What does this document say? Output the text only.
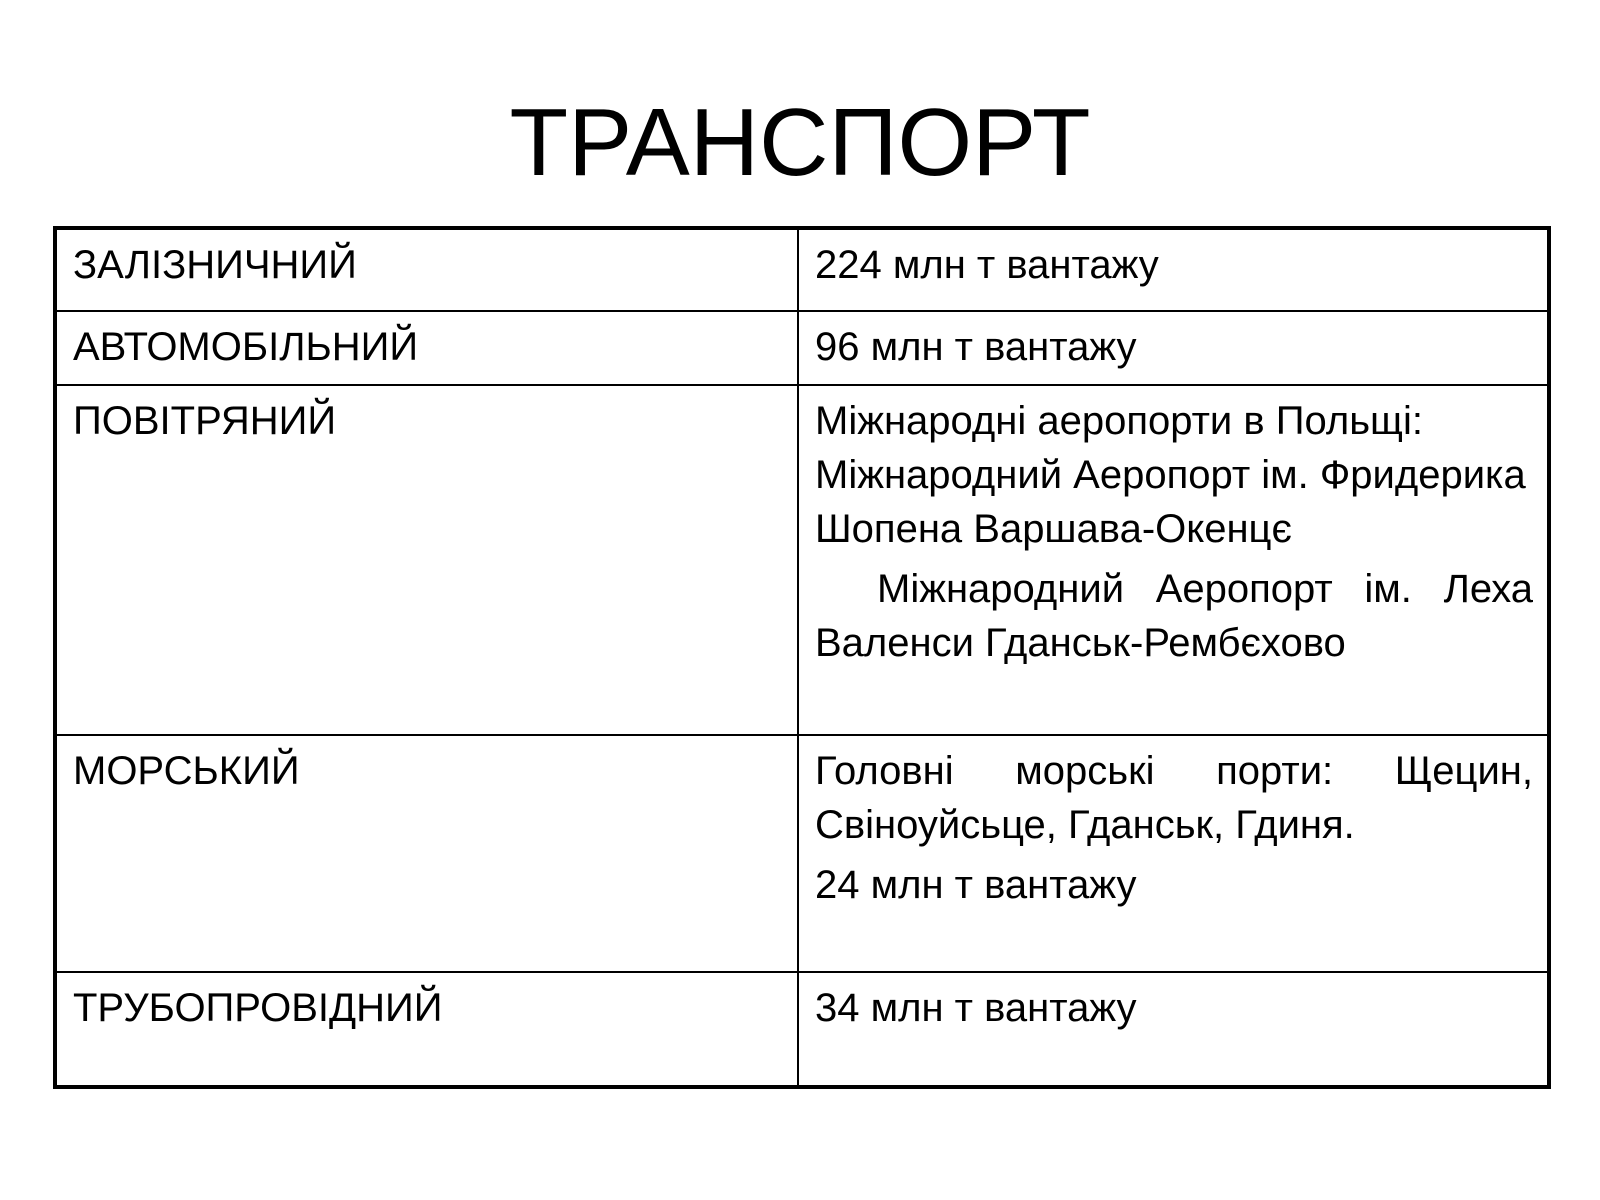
ТРАНСПОРТ
ЗАЛІЗНИЧНИЙ	224 млн т вантажу

АВТОМОБІЛЬНИЙ	96 млн т вантажу

ПОВІТРЯНИЙ	Міжнародні аеропорти в Польщі: Міжнародний Аеропорт ім. Фридерика Шопена Варшава-Окенцє
Міжнародний Аеропорт ім. Леха Валенси Гданськ-Рембєхово

МОРСЬКИЙ	Головні морські порти: Щецин, Свіноуйсьце, Гданськ, Гдиня.
24 млн т вантажу

ТРУБОПРОВІДНИЙ	34 млн т вантажу
